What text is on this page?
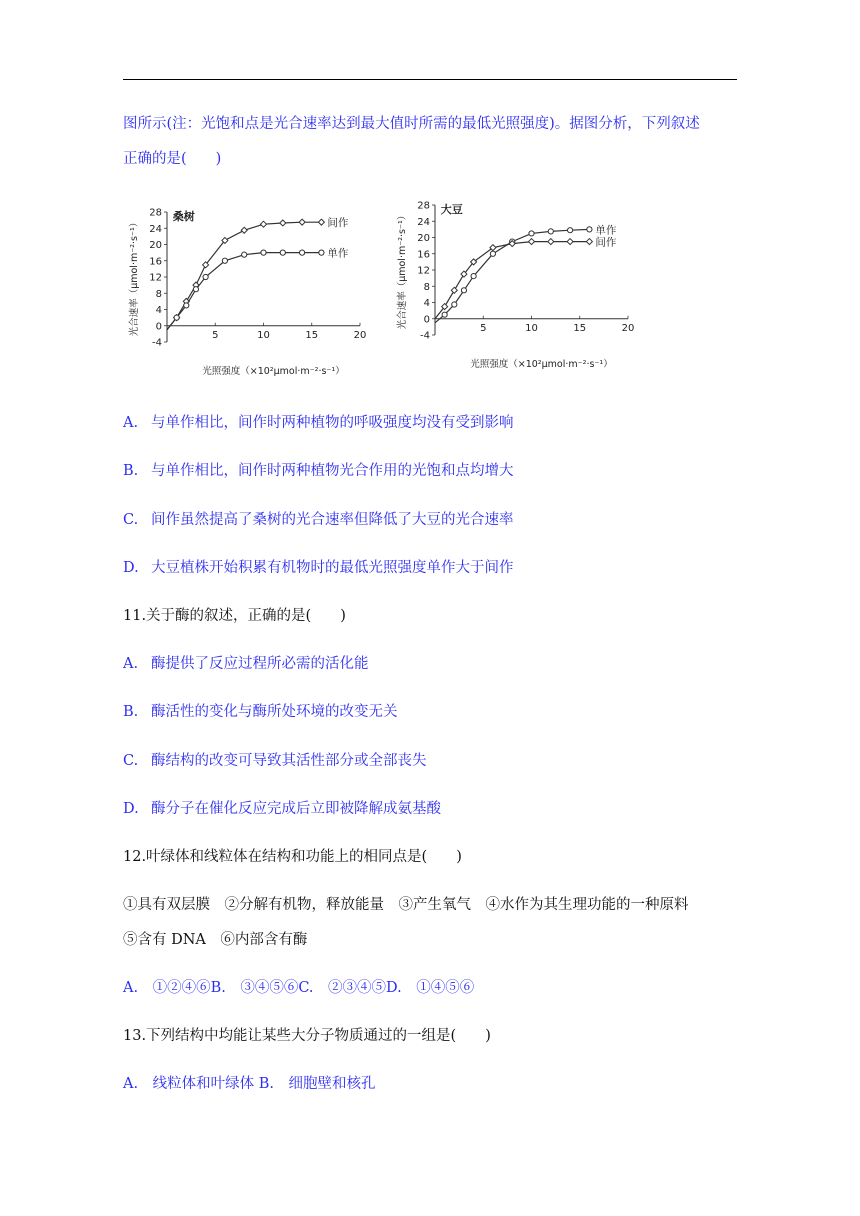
图所示(注：光饱和点是光合速率达到最大值时所需的最低光照强度)。据图分析，下列叙述
正确的是(　　)
-4
0
4
8
12
16
20
24
28
5	10	15	20
桑树
光照强度（×10²μmol·m⁻²·s⁻¹）
光合速率（μmol·m⁻²·s⁻¹）	间作
单作
-4
0
4
8
12
16
20
24
28
5	10	15	20
大豆
光照强度（×10²μmol·m⁻²·s⁻¹）
光合速率（μmol·m⁻²·s⁻¹）	单作
间作
A. 与单作相比，间作时两种植物的呼吸强度均没有受到影响
B. 与单作相比，间作时两种植物光合作用的光饱和点均增大
C. 间作虽然提高了桑树的光合速率但降低了大豆的光合速率
D. 大豆植株开始积累有机物时的最低光照强度单作大于间作
11.关于酶的叙述，正确的是(　　)
A. 酶提供了反应过程所必需的活化能
B. 酶活性的变化与酶所处环境的改变无关
C. 酶结构的改变可导致其活性部分或全部丧失
D. 酶分子在催化反应完成后立即被降解成氨基酸
12.叶绿体和线粒体在结构和功能上的相同点是(　　)
①具有双层膜　②分解有机物，释放能量　③产生氧气　④水作为其生理功能的一种原料
⑤含有 DNA　⑥内部含有酶
A.　①②④⑥B.　③④⑤⑥C.　②③④⑤D.　①④⑤⑥
13.下列结构中均能让某些大分子物质通过的一组是(　　)
A.　线粒体和叶绿体 B.　细胞壁和核孔
